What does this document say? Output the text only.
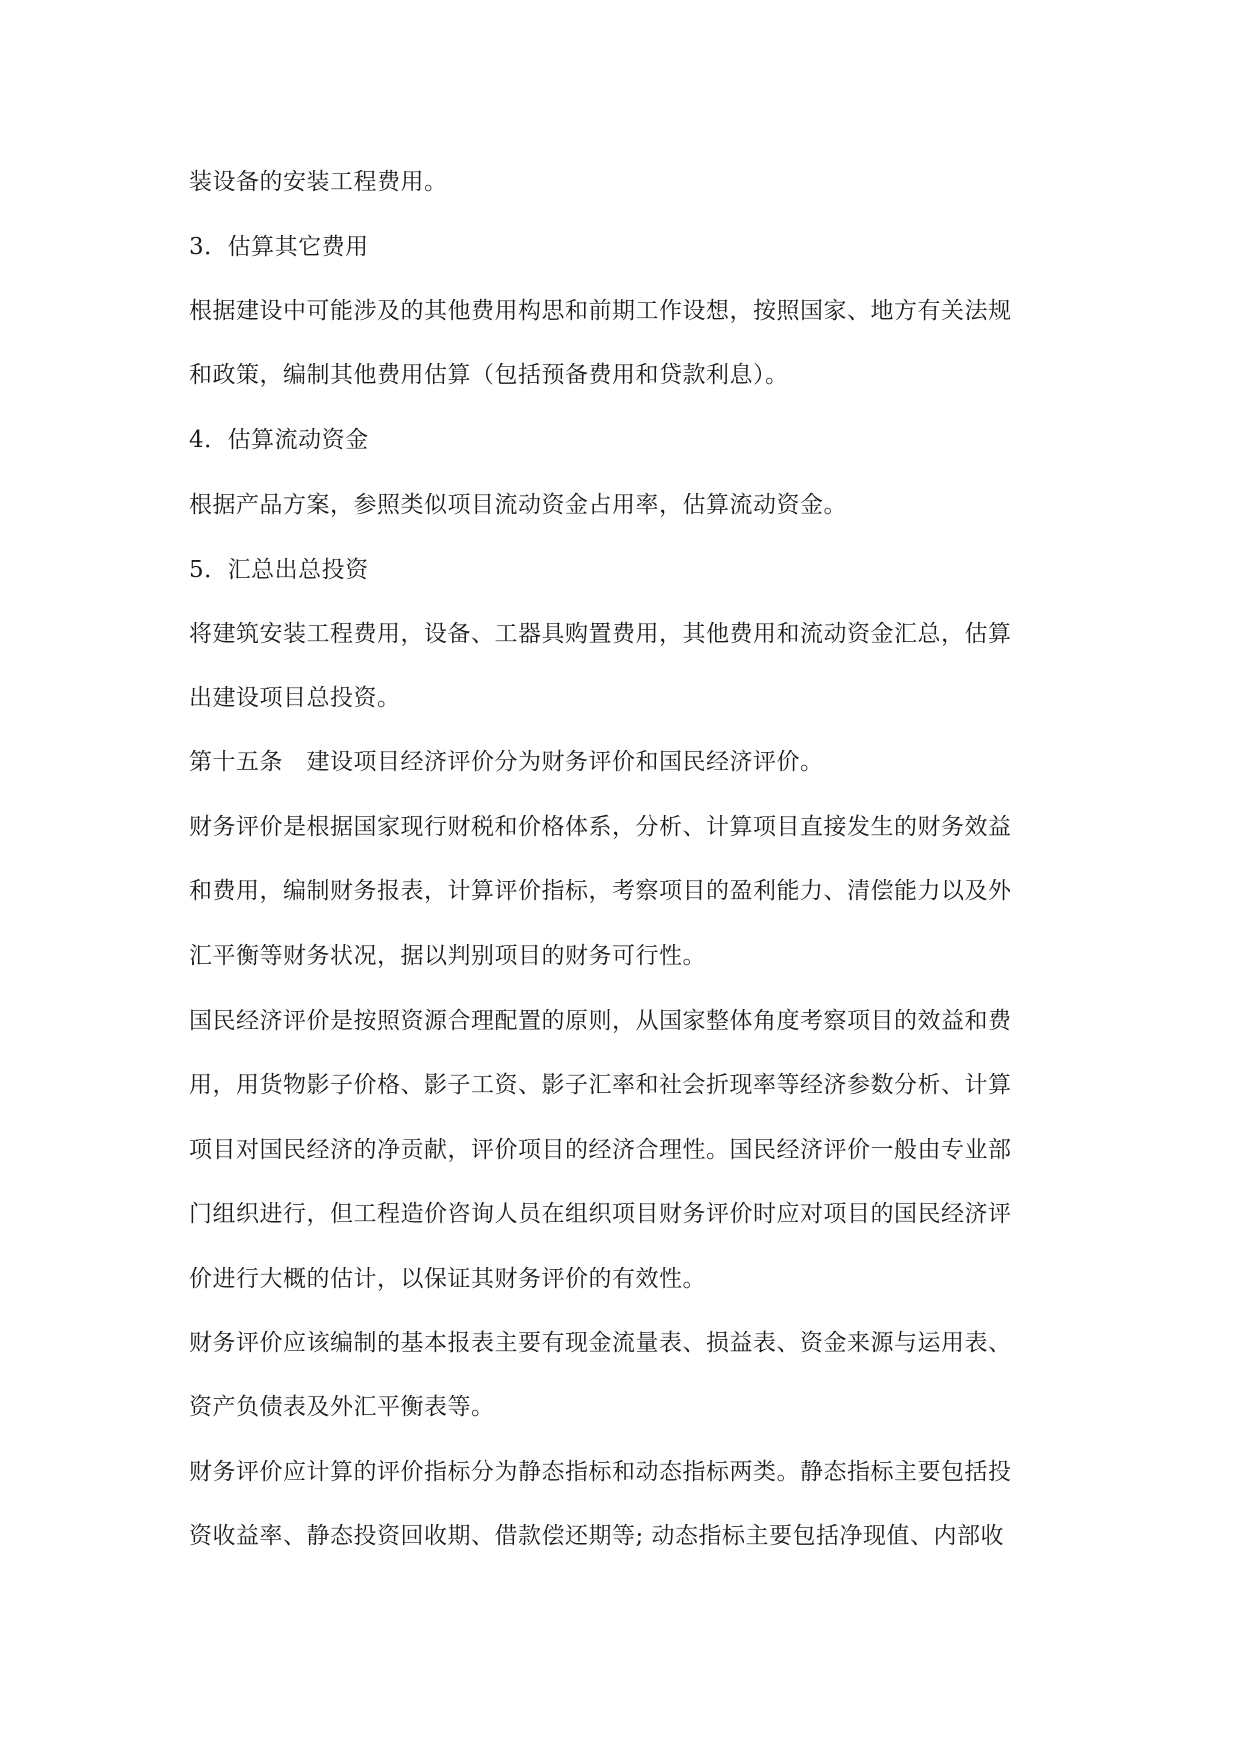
装设备的安装工程费用。
3．估算其它费用
根据建设中可能涉及的其他费用构思和前期工作设想，按照国家、地方有关法规
和政策，编制其他费用估算（包括预备费用和贷款利息）。
4．估算流动资金
根据产品方案，参照类似项目流动资金占用率，估算流动资金。
5．汇总出总投资
将建筑安装工程费用，设备、工器具购置费用，其他费用和流动资金汇总，估算
出建设项目总投资。
第十五条　建设项目经济评价分为财务评价和国民经济评价。
财务评价是根据国家现行财税和价格体系，分析、计算项目直接发生的财务效益
和费用，编制财务报表，计算评价指标，考察项目的盈利能力、清偿能力以及外
汇平衡等财务状况，据以判别项目的财务可行性。
国民经济评价是按照资源合理配置的原则，从国家整体角度考察项目的效益和费
用，用货物影子价格、影子工资、影子汇率和社会折现率等经济参数分析、计算
项目对国民经济的净贡献，评价项目的经济合理性。国民经济评价一般由专业部
门组织进行，但工程造价咨询人员在组织项目财务评价时应对项目的国民经济评
价进行大概的估计，以保证其财务评价的有效性。
财务评价应该编制的基本报表主要有现金流量表、损益表、资金来源与运用表、
资产负债表及外汇平衡表等。
财务评价应计算的评价指标分为静态指标和动态指标两类。静态指标主要包括投
资收益率、静态投资回收期、借款偿还期等; 动态指标主要包括净现值、内部收
